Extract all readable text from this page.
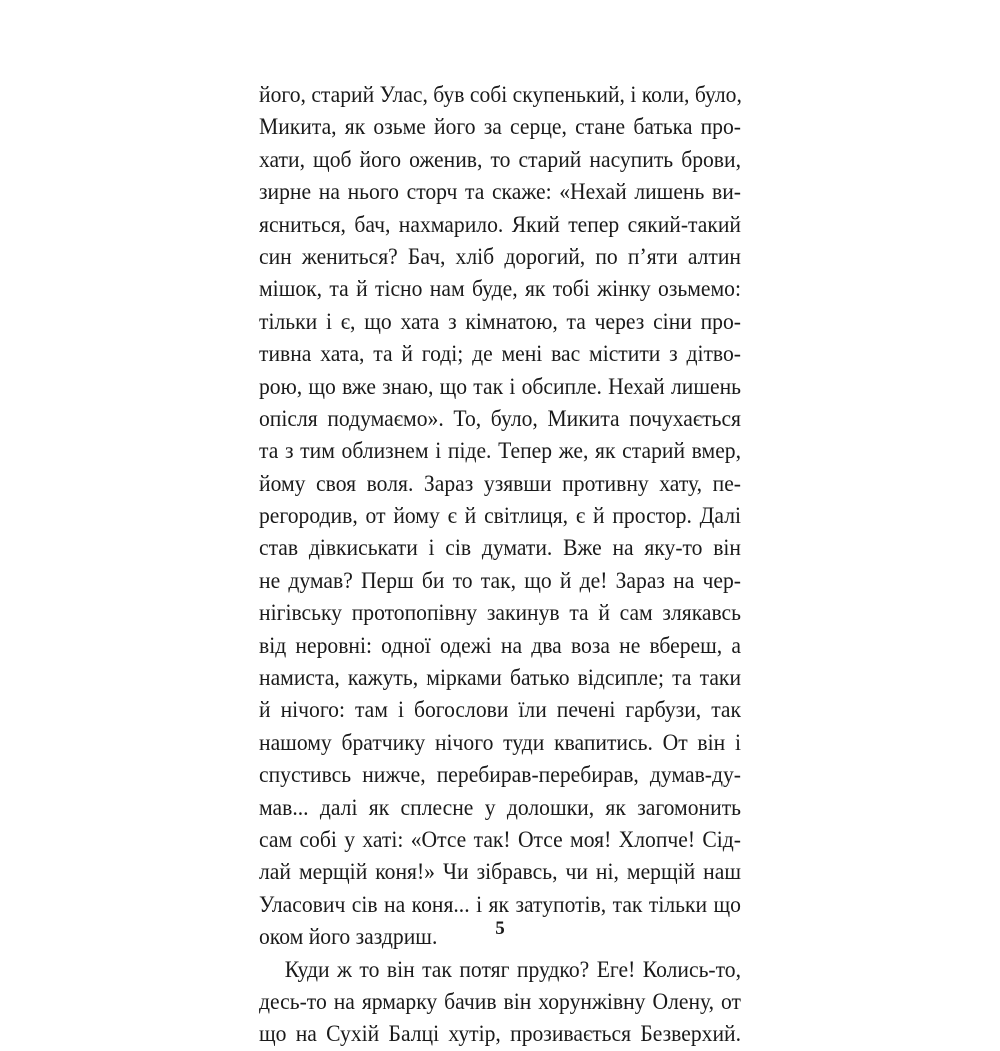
його, старий Улас, був собі скупенький, і коли, було,
Микита, як озьме його за серце, стане батька про-
хати, щоб його оженив, то старий насупить брови,
зирне на нього сторч та скаже: «Нехай лишень ви-
ясниться, бач, нахмарило. Який тепер сякий-такий
син жениться? Бач, хліб дорогий, по п’яти алтин
мішок, та й тісно нам буде, як тобі жінку озьмемо:
тільки і є, що хата з кімнатою, та через сіни про-
тивна хата, та й годі; де мені вас містити з дітво-
рою, що вже знаю, що так і обсипле. Нехай лишень
опісля подумаємо». То, було, Микита почухається
та з тим облизнем і піде. Тепер же, як старий вмер,
йому своя воля. Зараз узявши противну хату, пе-
регородив, от йому є й світлиця, є й простор. Далі
став дівкиськати і сів думати. Вже на яку-то він
не думав? Перш би то так, що й де! Зараз на чер-
нігівську протопопівну закинув та й сам злякавсь
від неровні: одної одежі на два воза не вбереш, а
намиста, кажуть, мірками батько відсипле; та таки
й нічого: там і богослови їли печені гарбузи, так
нашому братчику нічого туди квапитись. От він і
спустивсь нижче, перебирав-перебирав, думав-ду-
мав... далі як сплесне у долошки, як загомонить
сам собі у хаті: «Отсе так! Отсе моя! Хлопче! Сід-
лай мерщій коня!» Чи зібравсь, чи ні, мерщій наш
Уласович сів на коня... і як затупотів, так тільки що
оком його заздриш.
Куди ж то він так потяг прудко? Еге! Колись-то,
десь-то на ярмарку бачив він хорунжівну Олену, от
що на Сухій Балці хутір, прозивається Безверхий.
5
